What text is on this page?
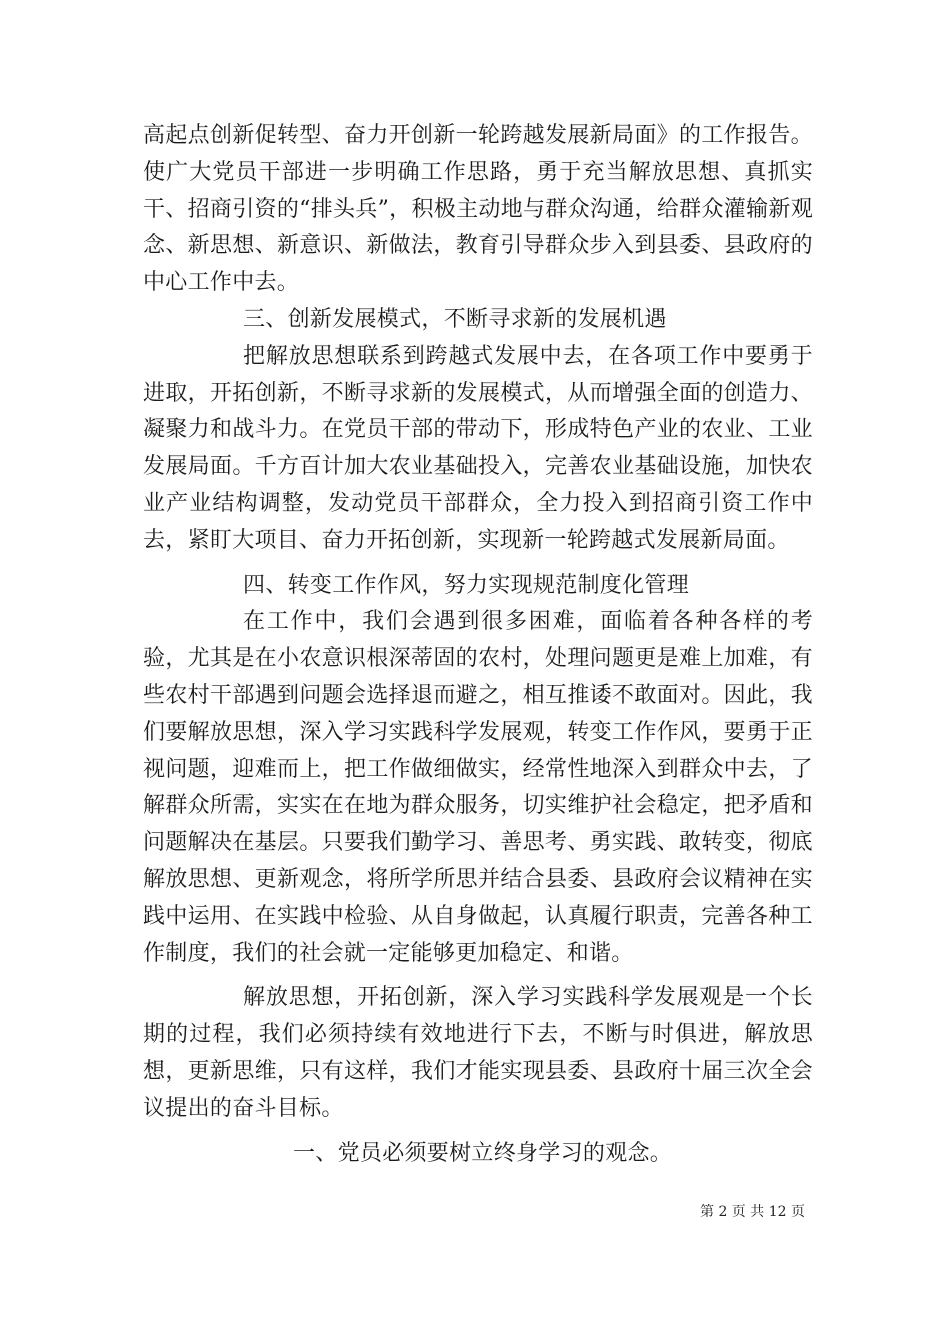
高起点创新促转型、奋力开创新一轮跨越发展新局面》的工作报告。使广大党员干部进一步明确工作思路，勇于充当解放思想、真抓实干、招商引资的“排头兵”，积极主动地与群众沟通，给群众灌输新观念、新思想、新意识、新做法，教育引导群众步入到县委、县政府的中心工作中去。

三、创新发展模式，不断寻求新的发展机遇

把解放思想联系到跨越式发展中去，在各项工作中要勇于进取，开拓创新，不断寻求新的发展模式，从而增强全面的创造力、凝聚力和战斗力。在党员干部的带动下，形成特色产业的农业、工业发展局面。千方百计加大农业基础投入，完善农业基础设施，加快农业产业结构调整，发动党员干部群众，全力投入到招商引资工作中去，紧盯大项目、奋力开拓创新，实现新一轮跨越式发展新局面。

四、转变工作作风，努力实现规范制度化管理

在工作中，我们会遇到很多困难，面临着各种各样的考验，尤其是在小农意识根深蒂固的农村，处理问题更是难上加难，有些农村干部遇到问题会选择退而避之，相互推诿不敢面对。因此，我们要解放思想，深入学习实践科学发展观，转变工作作风，要勇于正视问题，迎难而上，把工作做细做实，经常性地深入到群众中去，了解群众所需，实实在在地为群众服务，切实维护社会稳定，把矛盾和问题解决在基层。只要我们勤学习、善思考、勇实践、敢转变，彻底解放思想、更新观念，将所学所思并结合县委、县政府会议精神在实践中运用、在实践中检验、从自身做起，认真履行职责，完善各种工作制度，我们的社会就一定能够更加稳定、和谐。

解放思想，开拓创新，深入学习实践科学发展观是一个长期的过程，我们必须持续有效地进行下去，不断与时俱进，解放思想，更新思维，只有这样，我们才能实现县委、县政府十届三次全会议提出的奋斗目标。

一、党员必须要树立终身学习的观念。

第 2 页 共 12 页
